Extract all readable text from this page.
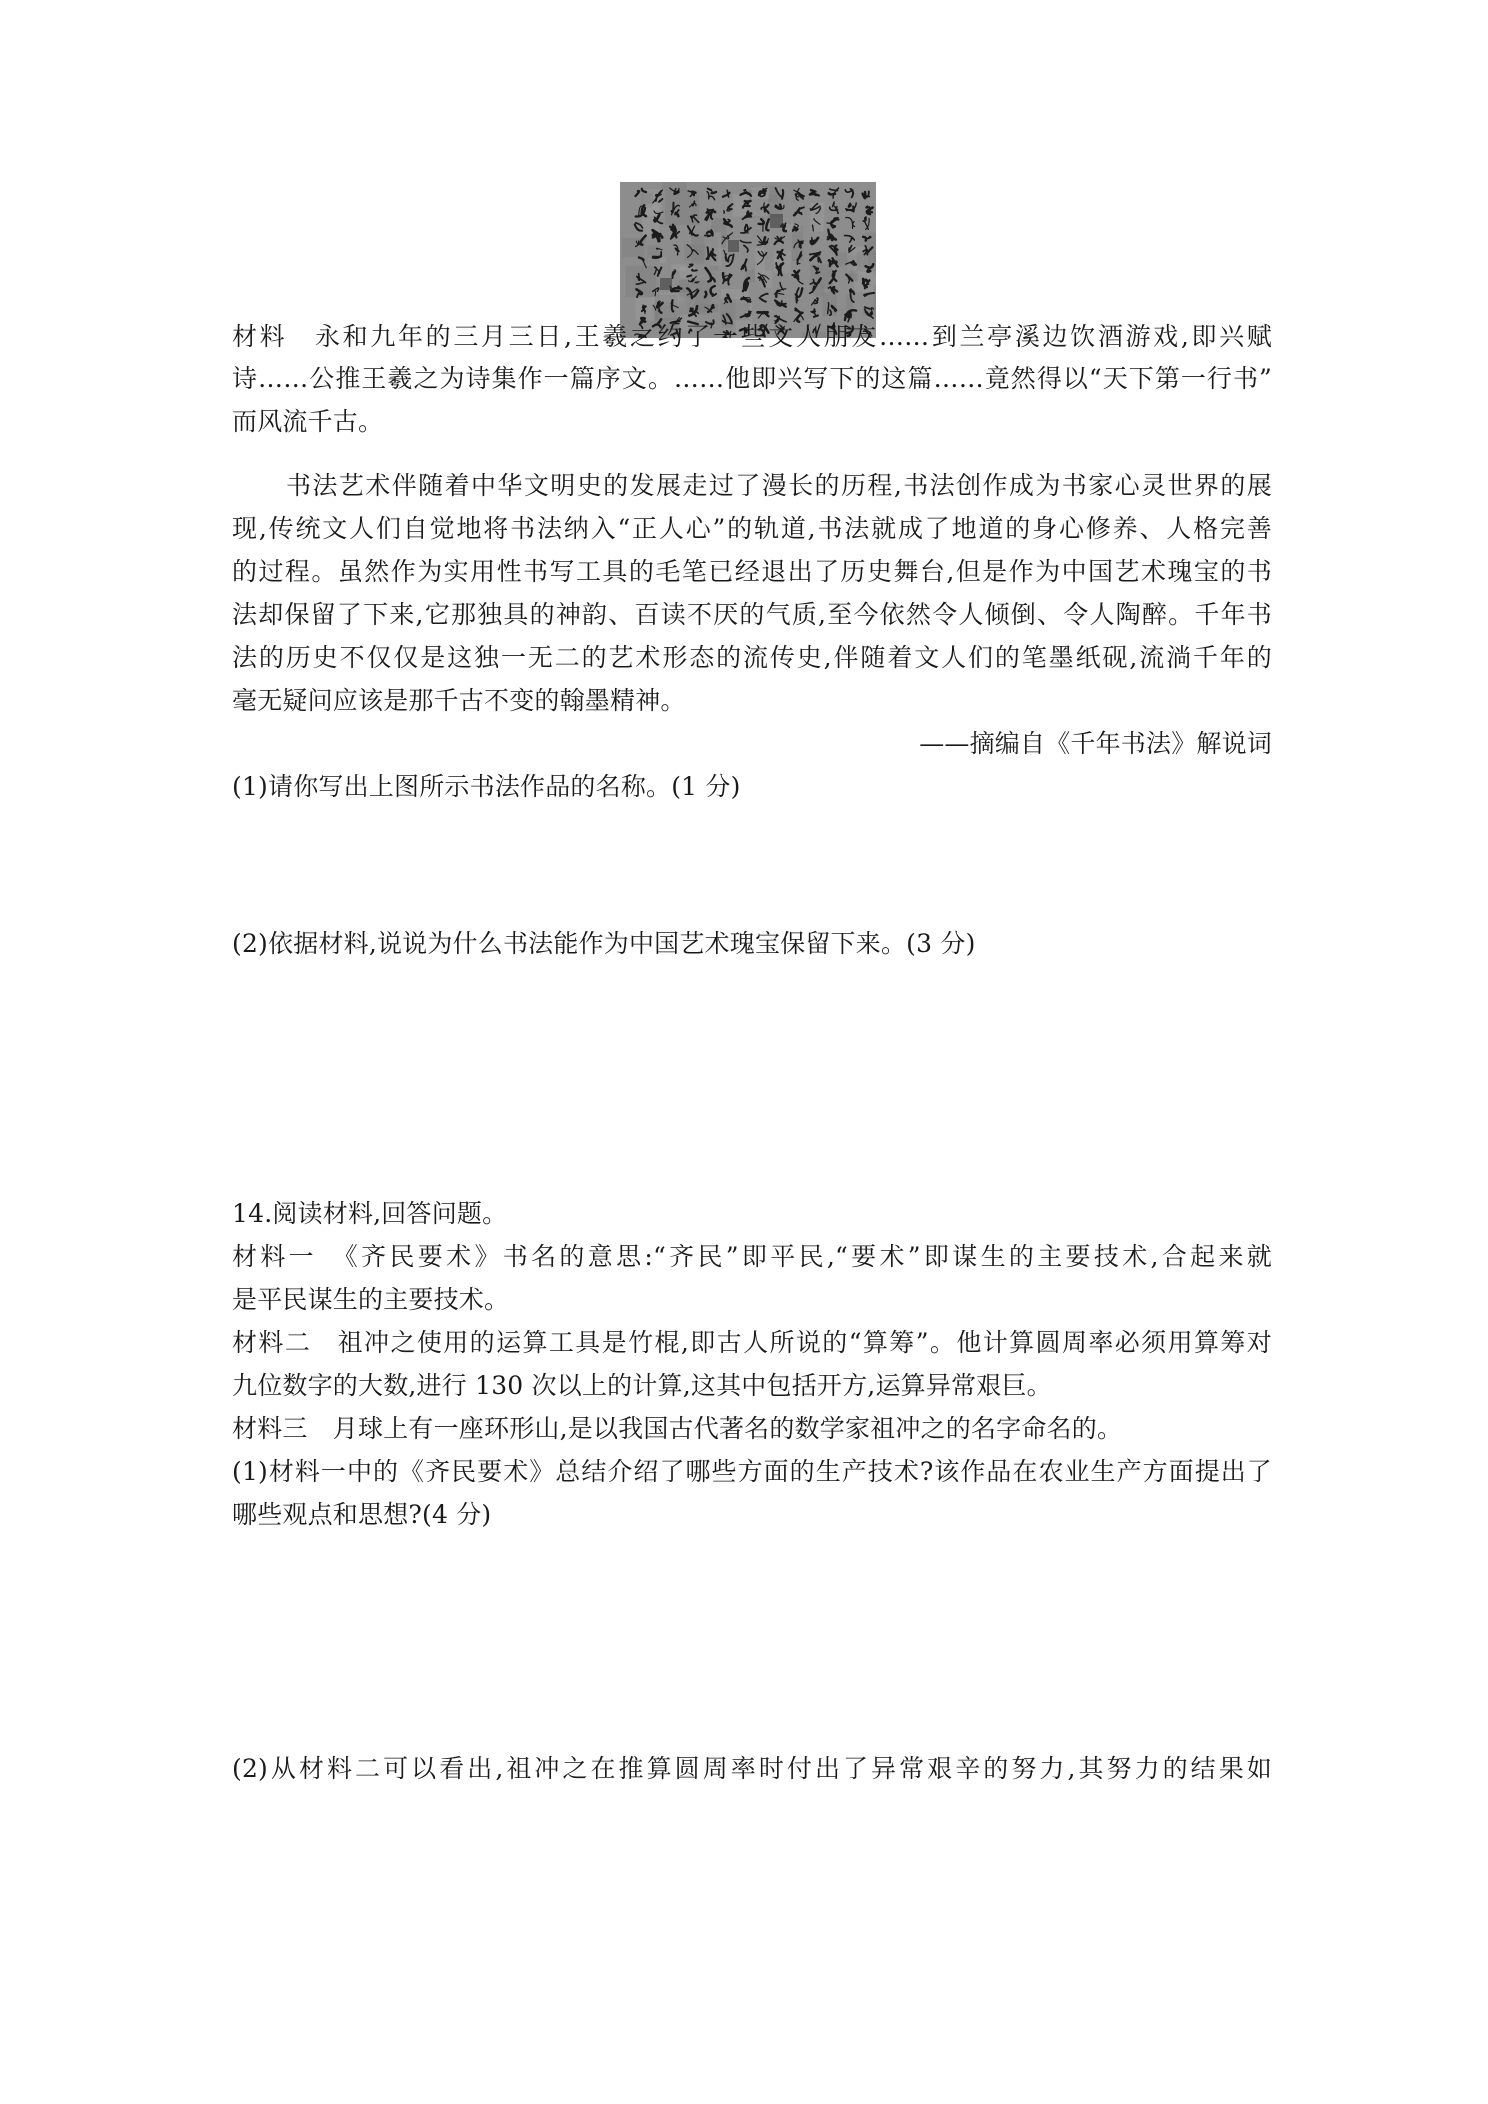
材料　永和九年的三月三日,王羲之约了一些文人朋友……到兰亭溪边饮酒游戏,即兴赋
诗……公推王羲之为诗集作一篇序文。……他即兴写下的这篇……竟然得以“天下第一行书”
而风流千古。
书法艺术伴随着中华文明史的发展走过了漫长的历程,书法创作成为书家心灵世界的展
现,传统文人们自觉地将书法纳入“正人心”的轨道,书法就成了地道的身心修养、人格完善
的过程。虽然作为实用性书写工具的毛笔已经退出了历史舞台,但是作为中国艺术瑰宝的书
法却保留了下来,它那独具的神韵、百读不厌的气质,至今依然令人倾倒、令人陶醉。千年书
法的历史不仅仅是这独一无二的艺术形态的流传史,伴随着文人们的笔墨纸砚,流淌千年的
毫无疑问应该是那千古不变的翰墨精神。
——摘编自《千年书法》解说词
(1)请你写出上图所示书法作品的名称。(1 分)
(2)依据材料,说说为什么书法能作为中国艺术瑰宝保留下来。(3 分)
14.阅读材料,回答问题。
材料一　《齐民要术》书名的意思:“齐民”即平民,“要术”即谋生的主要技术,合起来就
是平民谋生的主要技术。
材料二　祖冲之使用的运算工具是竹棍,即古人所说的“算筹”。他计算圆周率必须用算筹对
九位数字的大数,进行 130 次以上的计算,这其中包括开方,运算异常艰巨。
材料三　月球上有一座环形山,是以我国古代著名的数学家祖冲之的名字命名的。
(1)材料一中的《齐民要术》总结介绍了哪些方面的生产技术?该作品在农业生产方面提出了
哪些观点和思想?(4 分)
(2)从材料二可以看出,祖冲之在推算圆周率时付出了异常艰辛的努力,其努力的结果如
